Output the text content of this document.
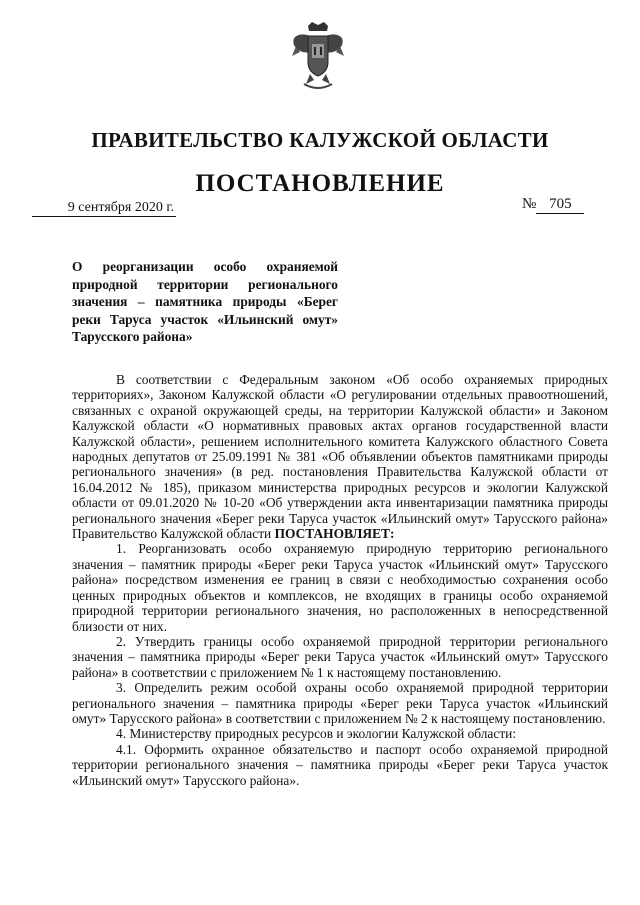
ПРАВИТЕЛЬСТВО КАЛУЖСКОЙ ОБЛАСТИ
ПОСТАНОВЛЕНИЕ
9 сентября 2020 г.	№ 705
О реорганизации особо охраняемой природной территории регионального значения – памятника природы «Берег реки Таруса участок «Ильинский омут» Тарусского района»

В соответствии с Федеральным законом «Об особо охраняемых природных территориях», Законом Калужской области «О регулировании отдельных правоотношений, связанных с охраной окружающей среды, на территории Калужской области» и Законом Калужской области «О нормативных правовых актах органов государственной власти Калужской области», решением исполнительного комитета Калужского областного Совета народных депутатов от 25.09.1991 № 381 «Об объявлении объектов памятниками природы регионального значения» (в ред. постановления Правительства Калужской области от 16.04.2012 № 185), приказом министерства природных ресурсов и экологии Калужской области от 09.01.2020 № 10-20 «Об утверждении акта инвентаризации памятника природы регионального значения «Берег реки Таруса участок «Ильинский омут» Тарусского района» Правительство Калужской области ПОСТАНОВЛЯЕТ:

1. Реорганизовать особо охраняемую природную территорию регионального значения – памятник природы «Берег реки Таруса участок «Ильинский омут» Тарусского района» посредством изменения ее границ в связи с необходимостью сохранения особо ценных природных объектов и комплексов, не входящих в границы особо охраняемой природной территории регионального значения, но расположенных в непосредственной близости от них.

2. Утвердить границы особо охраняемой природной территории регионального значения – памятника природы «Берег реки Таруса участок «Ильинский омут» Тарусского района» в соответствии с приложением № 1 к настоящему постановлению.

3. Определить режим особой охраны особо охраняемой природной территории регионального значения – памятника природы «Берег реки Таруса участок «Ильинский омут» Тарусского района» в соответствии с приложением № 2 к настоящему постановлению.

4. Министерству природных ресурсов и экологии Калужской области:

4.1. Оформить охранное обязательство и паспорт особо охраняемой природной территории регионального значения – памятника природы «Берег реки Таруса участок «Ильинский омут» Тарусского района».
